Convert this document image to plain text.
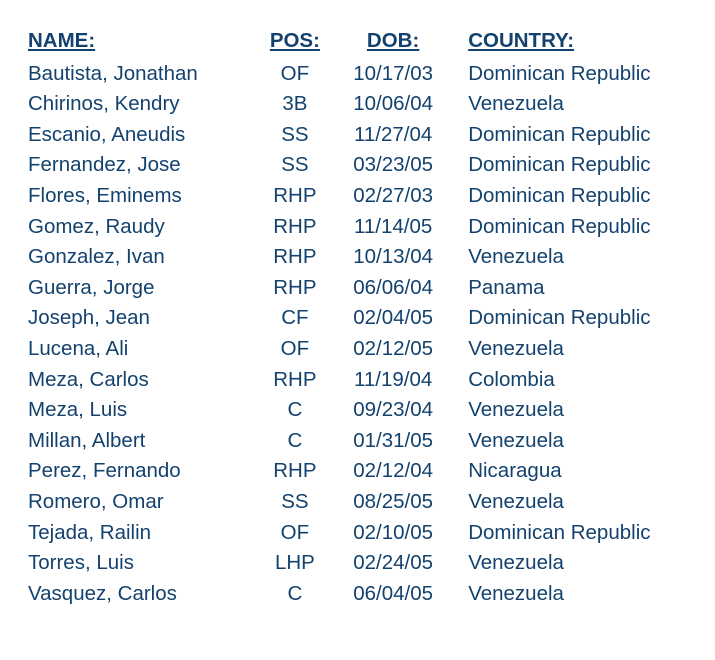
NAME:	POS:	DOB:	COUNTRY:
Bautista, Jonathan	OF	10/17/03	Dominican Republic
Chirinos, Kendry	3B	10/06/04	Venezuela
Escanio, Aneudis	SS	11/27/04	Dominican Republic
Fernandez, Jose	SS	03/23/05	Dominican Republic
Flores, Eminems	RHP	02/27/03	Dominican Republic
Gomez, Raudy	RHP	11/14/05	Dominican Republic
Gonzalez, Ivan	RHP	10/13/04	Venezuela
Guerra, Jorge	RHP	06/06/04	Panama
Joseph, Jean	CF	02/04/05	Dominican Republic
Lucena, Ali	OF	02/12/05	Venezuela
Meza, Carlos	RHP	11/19/04	Colombia
Meza, Luis	C	09/23/04	Venezuela
Millan, Albert	C	01/31/05	Venezuela
Perez, Fernando	RHP	02/12/04	Nicaragua
Romero, Omar	SS	08/25/05	Venezuela
Tejada, Railin	OF	02/10/05	Dominican Republic
Torres, Luis	LHP	02/24/05	Venezuela
Vasquez, Carlos	C	06/04/05	Venezuela
